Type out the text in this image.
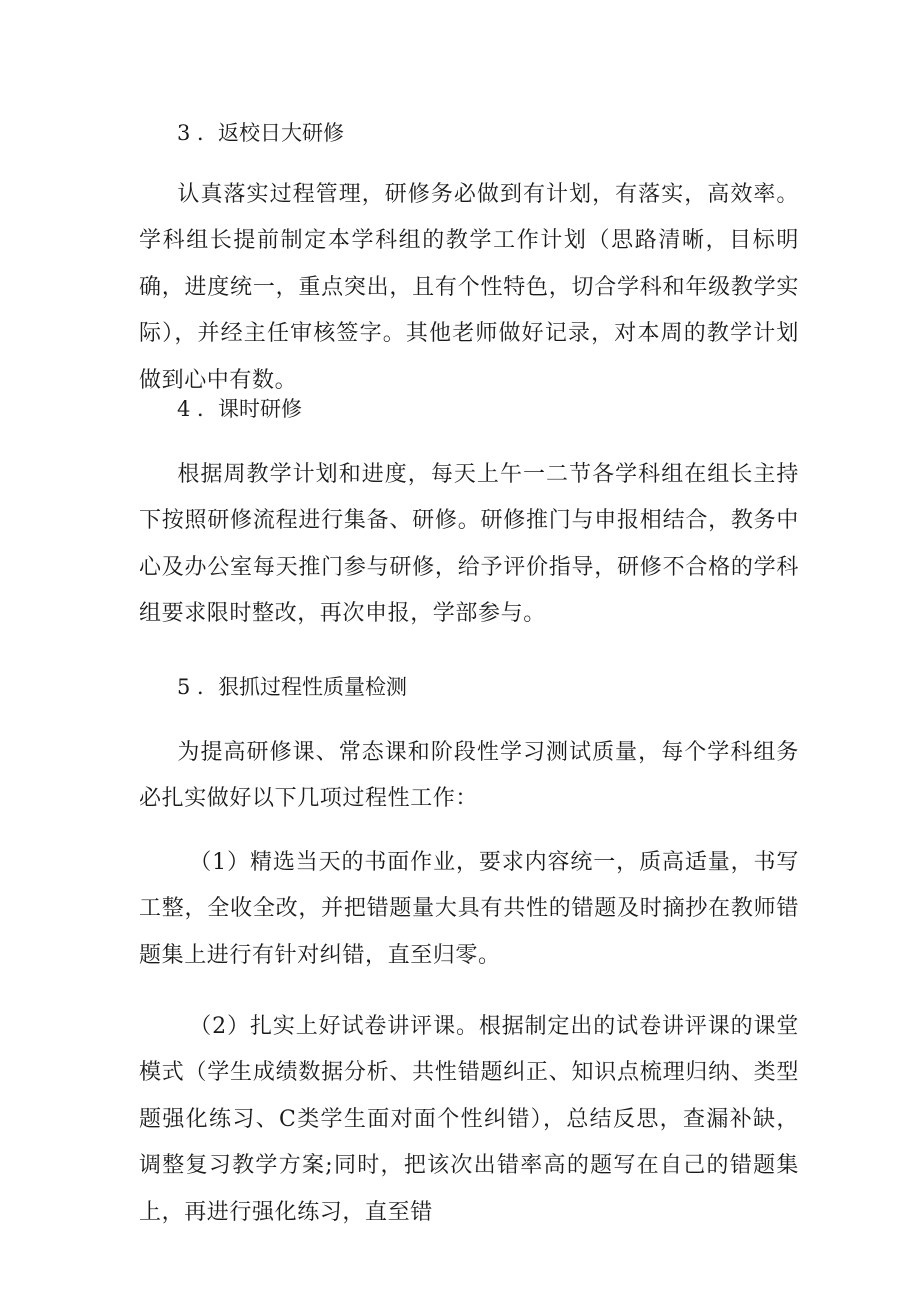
3 ．返校日大研修
认真落实过程管理，研修务必做到有计划，有落实，高效率。学科组长提前制定本学科组的教学工作计划（思路清晰，目标明确，进度统一，重点突出，且有个性特色，切合学科和年级教学实际），并经主任审核签字。其他老师做好记录，对本周的教学计划做到心中有数。
4 ．课时研修
根据周教学计划和进度，每天上午一二节各学科组在组长主持下按照研修流程进行集备、研修。研修推门与申报相结合，教务中心及办公室每天推门参与研修，给予评价指导，研修不合格的学科组要求限时整改，再次申报，学部参与。
5 ．狠抓过程性质量检测
为提高研修课、常态课和阶段性学习测试质量，每个学科组务必扎实做好以下几项过程性工作：
（1）精选当天的书面作业，要求内容统一，质高适量，书写工整，全收全改，并把错题量大具有共性的错题及时摘抄在教师错题集上进行有针对纠错，直至归零。
（2）扎实上好试卷讲评课。根据制定出的试卷讲评课的课堂模式（学生成绩数据分析、共性错题纠正、知识点梳理归纳、类型题强化练习、C类学生面对面个性纠错），总结反思，查漏补缺，调整复习教学方案;同时，把该次出错率高的题写在自己的错题集上，再进行强化练习，直至错
